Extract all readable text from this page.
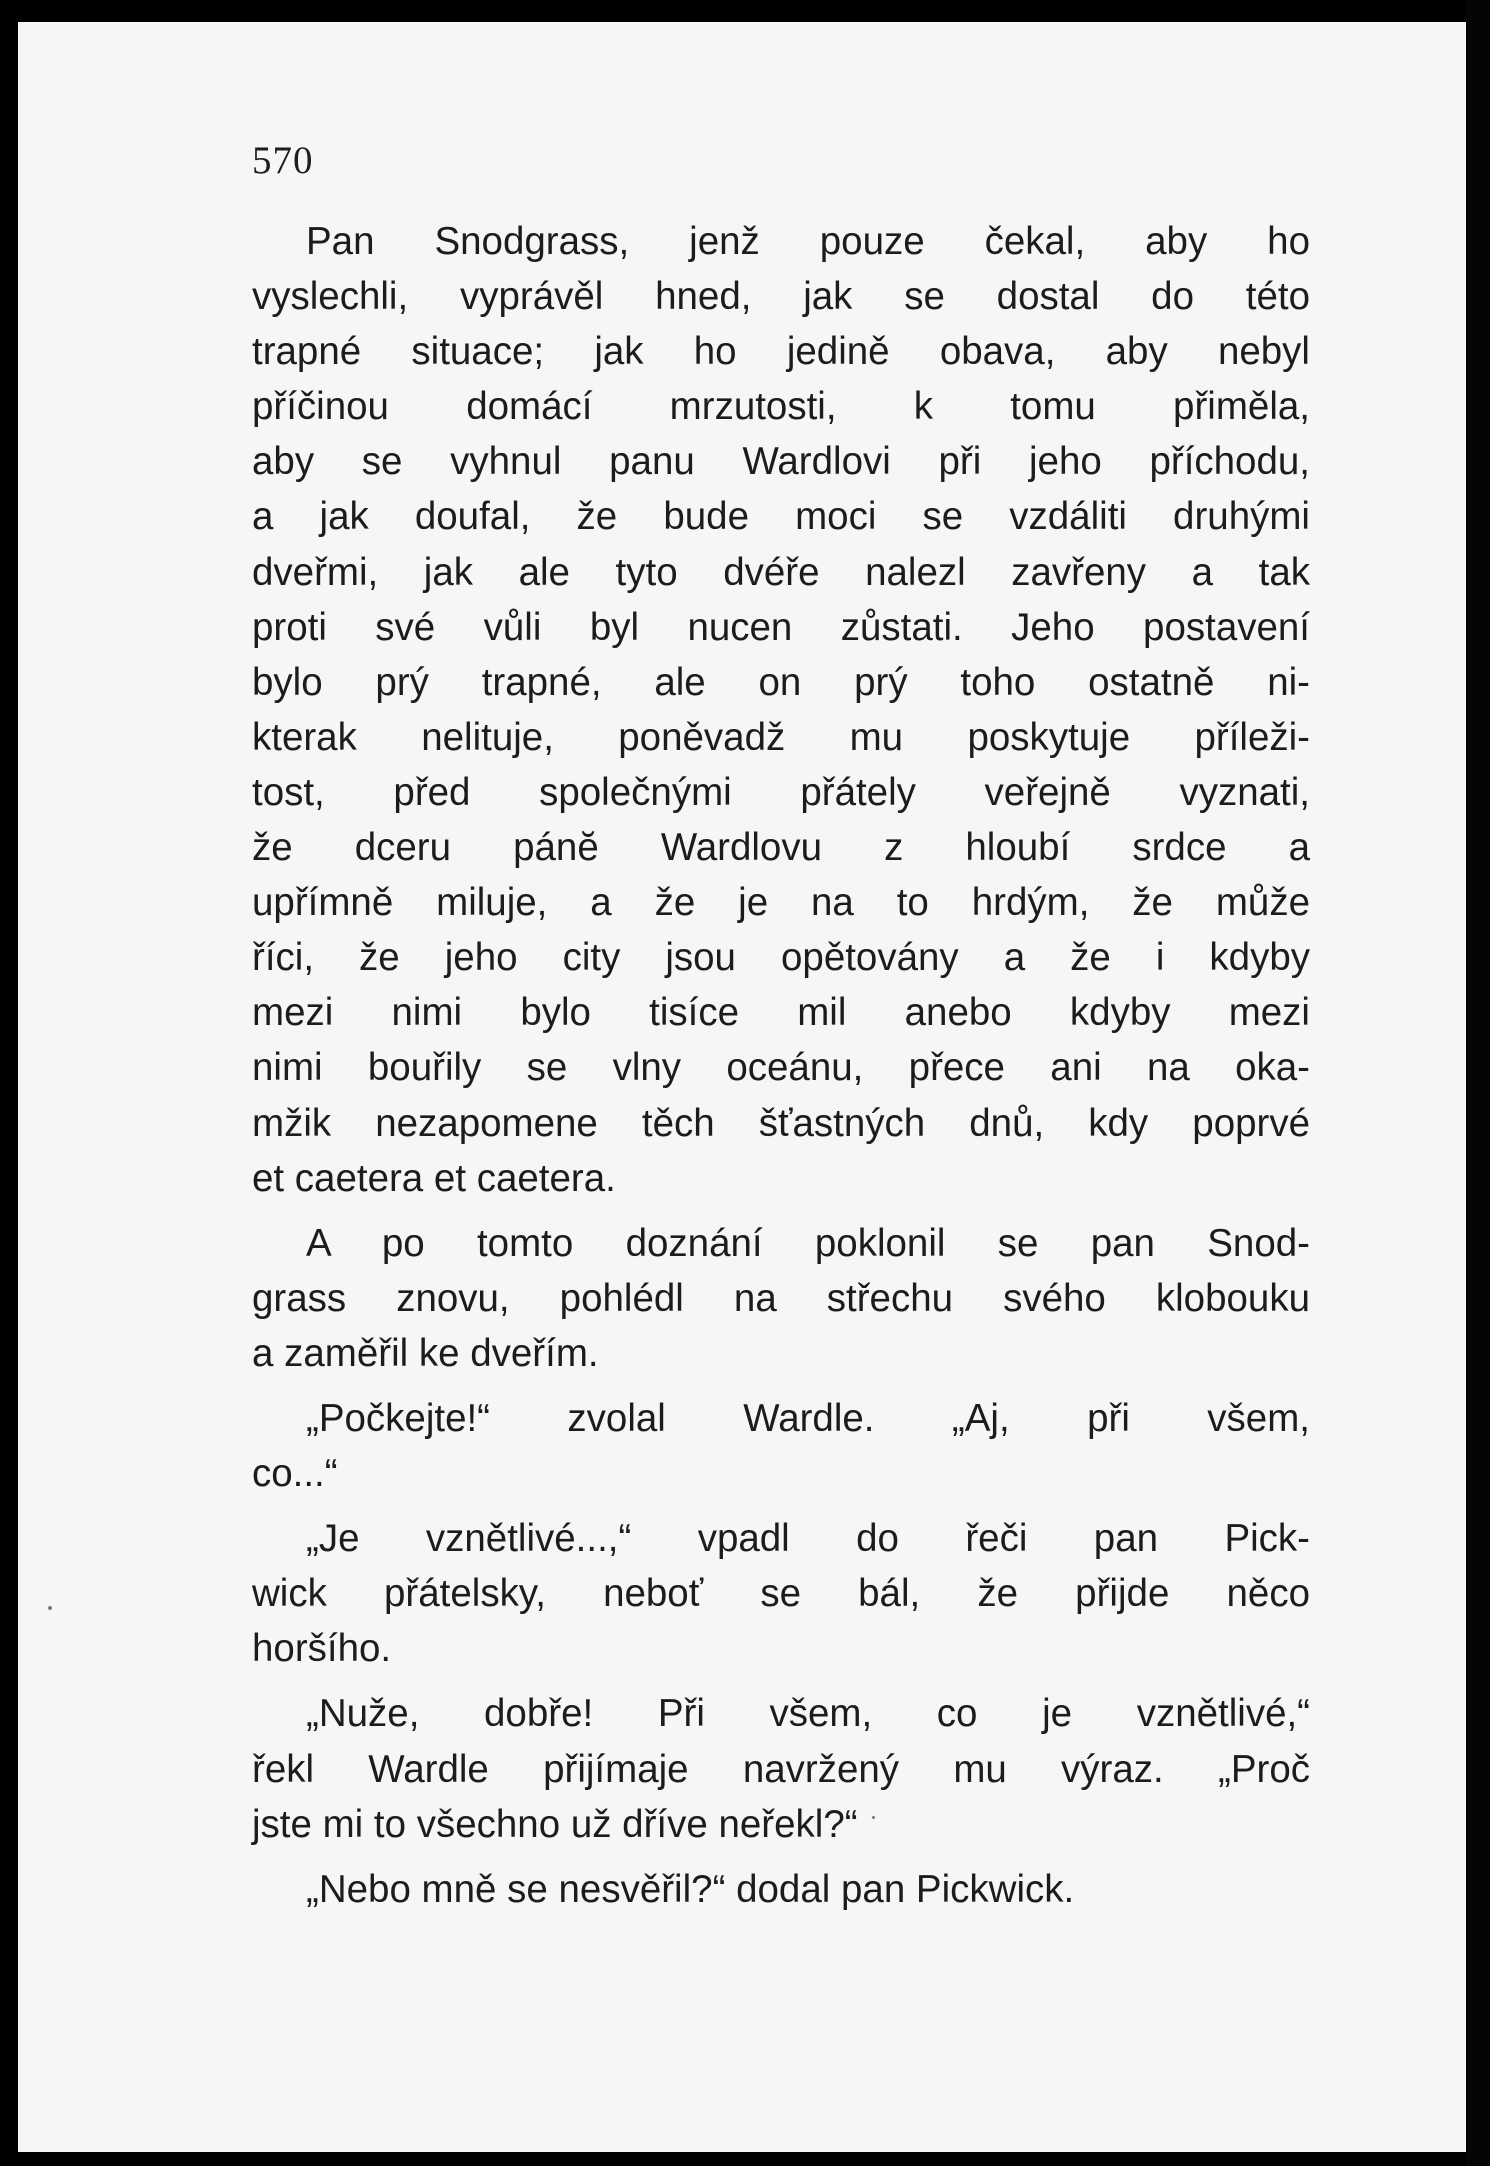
570
Pan Snodgrass, jenž pouze čekal, aby ho
vyslechli, vyprávěl hned, jak se dostal do této
trapné situace; jak ho jedině obava, aby nebyl
příčinou domácí mrzutosti, k tomu přiměla,
aby se vyhnul panu Wardlovi při jeho příchodu,
a jak doufal, že bude moci se vzdáliti druhými
dveřmi, jak ale tyto dvéře nalezl zavřeny a tak
proti své vůli byl nucen zůstati. Jeho postavení
bylo prý trapné, ale on prý toho ostatně ni-
kterak nelituje, poněvadž mu poskytuje příleži-
tost, před společnými přátely veřejně vyznati,
že dceru pánĕ Wardlovu z hloubí srdce a
upřímně miluje, a že je na to hrdým, že může
říci, že jeho city jsou opětovány a že i kdyby
mezi nimi bylo tisíce mil anebo kdyby mezi
nimi bouřily se vlny oceánu, přece ani na oka-
mžik nezapomene těch šťastných dnů, kdy poprvé
et caetera et caetera.
A po tomto doznání poklonil se pan Snod-
grass znovu, pohlédl na střechu svého klobouku
a zaměřil ke dveřím.
„Počkejte!“ zvolal Wardle. „Aj, při všem,
co...“
„Je vznětlivé...,“ vpadl do řeči pan Pick-
wick přátelsky, neboť se bál, že přijde něco
horšího.
„Nuže, dobře! Při všem, co je vznětlivé,“
řekl Wardle přijímaje navržený mu výraz. „Proč
jste mi to všechno už dříve neřekl?“
„Nebo mně se nesvěřil?“ dodal pan Pickwick.
